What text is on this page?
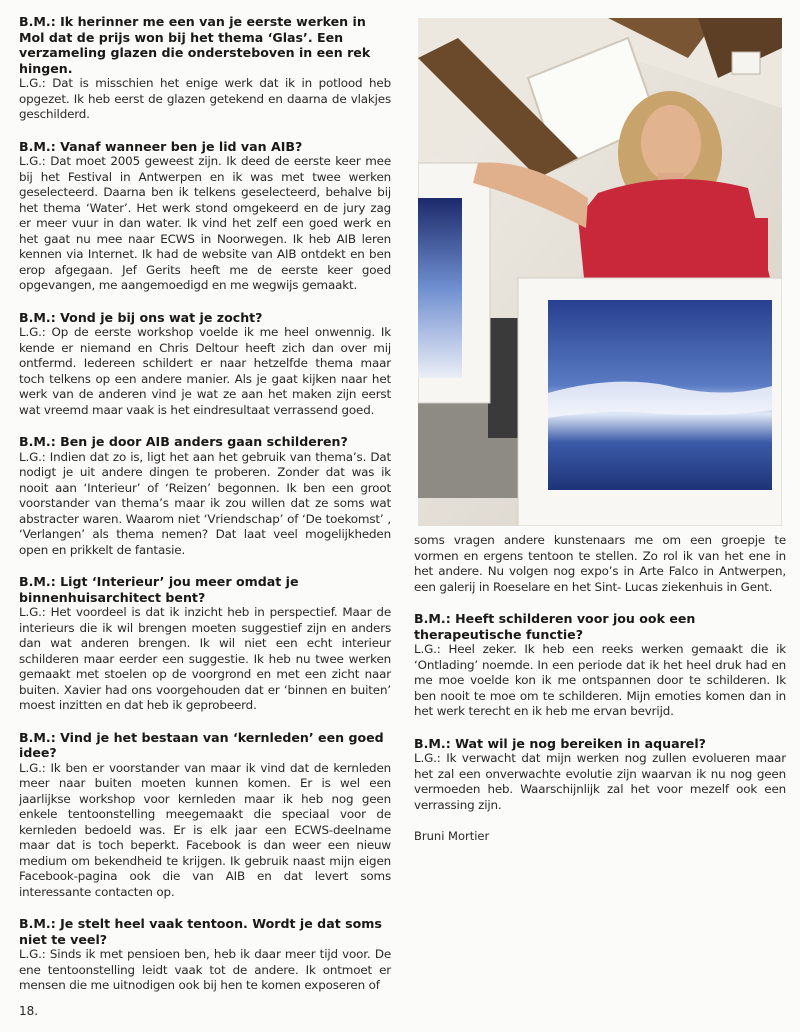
B.M.: Ik herinner me een van je eerste werken in Mol dat de prijs won bij het thema ‘Glas’. Een verzameling glazen die ondersteboven in een rek hingen.

L.G.: Dat is misschien het enige werk dat ik in potlood heb opgezet. Ik heb eerst de glazen getekend en daarna de vlakjes geschilderd.

B.M.: Vanaf wanneer ben je lid van AIB?

L.G.: Dat moet 2005 geweest zijn. Ik deed de eerste keer mee bij het Festival in Antwerpen en ik was met twee werken geselecteerd. Daarna ben ik telkens geselecteerd, behalve bij het thema ‘Water’. Het werk stond omgekeerd en de jury zag er meer vuur in dan water. Ik vind het zelf een goed werk en het gaat nu mee naar ECWS in Noorwegen. Ik heb AIB leren kennen via Internet. Ik had de website van AIB ontdekt en ben erop afgegaan. Jef Gerits heeft me de eerste keer goed opgevangen, me aangemoedigd en me wegwijs gemaakt.

B.M.: Vond je bij ons wat je zocht?

L.G.: Op de eerste workshop voelde ik me heel onwennig. Ik kende er niemand en Chris Deltour heeft zich dan over mij ontfermd. Iedereen schildert er naar hetzelfde thema maar toch telkens op een andere manier. Als je gaat kijken naar het werk van de anderen vind je wat ze aan het maken zijn eerst wat vreemd maar vaak is het eindresultaat verrassend goed.

B.M.: Ben je door AIB anders gaan schilderen?

L.G.: Indien dat zo is, ligt het aan het gebruik van thema’s. Dat nodigt je uit andere dingen te proberen. Zonder dat was ik nooit aan ‘Interieur’ of ‘Reizen’ begonnen. Ik ben een groot voorstander van thema’s maar ik zou willen dat ze soms wat abstracter waren. Waarom niet ‘Vriendschap’ of ‘De toekomst’ , ‘Verlangen’ als thema nemen? Dat laat veel mogelijkheden open en prikkelt de fantasie.

B.M.: Ligt ‘Interieur’ jou meer omdat je binnenhuisarchitect bent?

L.G.: Het voordeel is dat ik inzicht heb in perspectief. Maar de interieurs die ik wil brengen moeten suggestief zijn en anders dan wat anderen brengen. Ik wil niet een echt interieur schilderen maar eerder een suggestie. Ik heb nu twee werken gemaakt met stoelen op de voorgrond en met een zicht naar buiten. Xavier had ons voorgehouden dat er ‘binnen en buiten’ moest inzitten en dat heb ik geprobeerd.

B.M.: Vind je het bestaan van ‘kernleden’ een goed idee?

L.G.: Ik ben er voorstander van maar ik vind dat de kernleden meer naar buiten moeten kunnen komen. Er is wel een jaarlijkse workshop voor kernleden maar ik heb nog geen enkele tentoonstelling meegemaakt die speciaal voor de kernleden bedoeld was. Er is elk jaar een ECWS-deelname maar dat is toch beperkt. Facebook is dan weer een nieuw medium om bekendheid te krijgen. Ik gebruik naast mijn eigen Facebook-pagina ook die van AIB en dat levert soms interessante contacten op.

B.M.: Je stelt heel vaak tentoon. Wordt je dat soms niet te veel?

L.G.: Sinds ik met pensioen ben, heb ik daar meer tijd voor. De ene tentoonstelling leidt vaak tot de andere. Ik ontmoet er mensen die me uitnodigen ook bij hen te komen exposeren of

soms vragen andere kunstenaars me om een groepje te vormen en ergens tentoon te stellen. Zo rol ik van het ene in het andere. Nu volgen nog expo’s in Arte Falco in Antwerpen, een galerij in Roeselare en het Sint- Lucas ziekenhuis in Gent.

B.M.: Heeft schilderen voor jou ook een therapeutische functie?

L.G.: Heel zeker. Ik heb een reeks werken gemaakt die ik ‘Ontlading’ noemde. In een periode dat ik het heel druk had en me moe voelde kon ik me ontspannen door te schilderen. Ik ben nooit te moe om te schilderen. Mijn emoties komen dan in het werk terecht en ik heb me ervan bevrijd.

B.M.: Wat wil je nog bereiken in aquarel?

L.G.: Ik verwacht dat mijn werken nog zullen evolueren maar het zal een onverwachte evolutie zijn waarvan ik nu nog geen vermoeden heb. Waarschijnlijk zal het voor mezelf ook een verrassing zijn.

Bruni Mortier
18.
